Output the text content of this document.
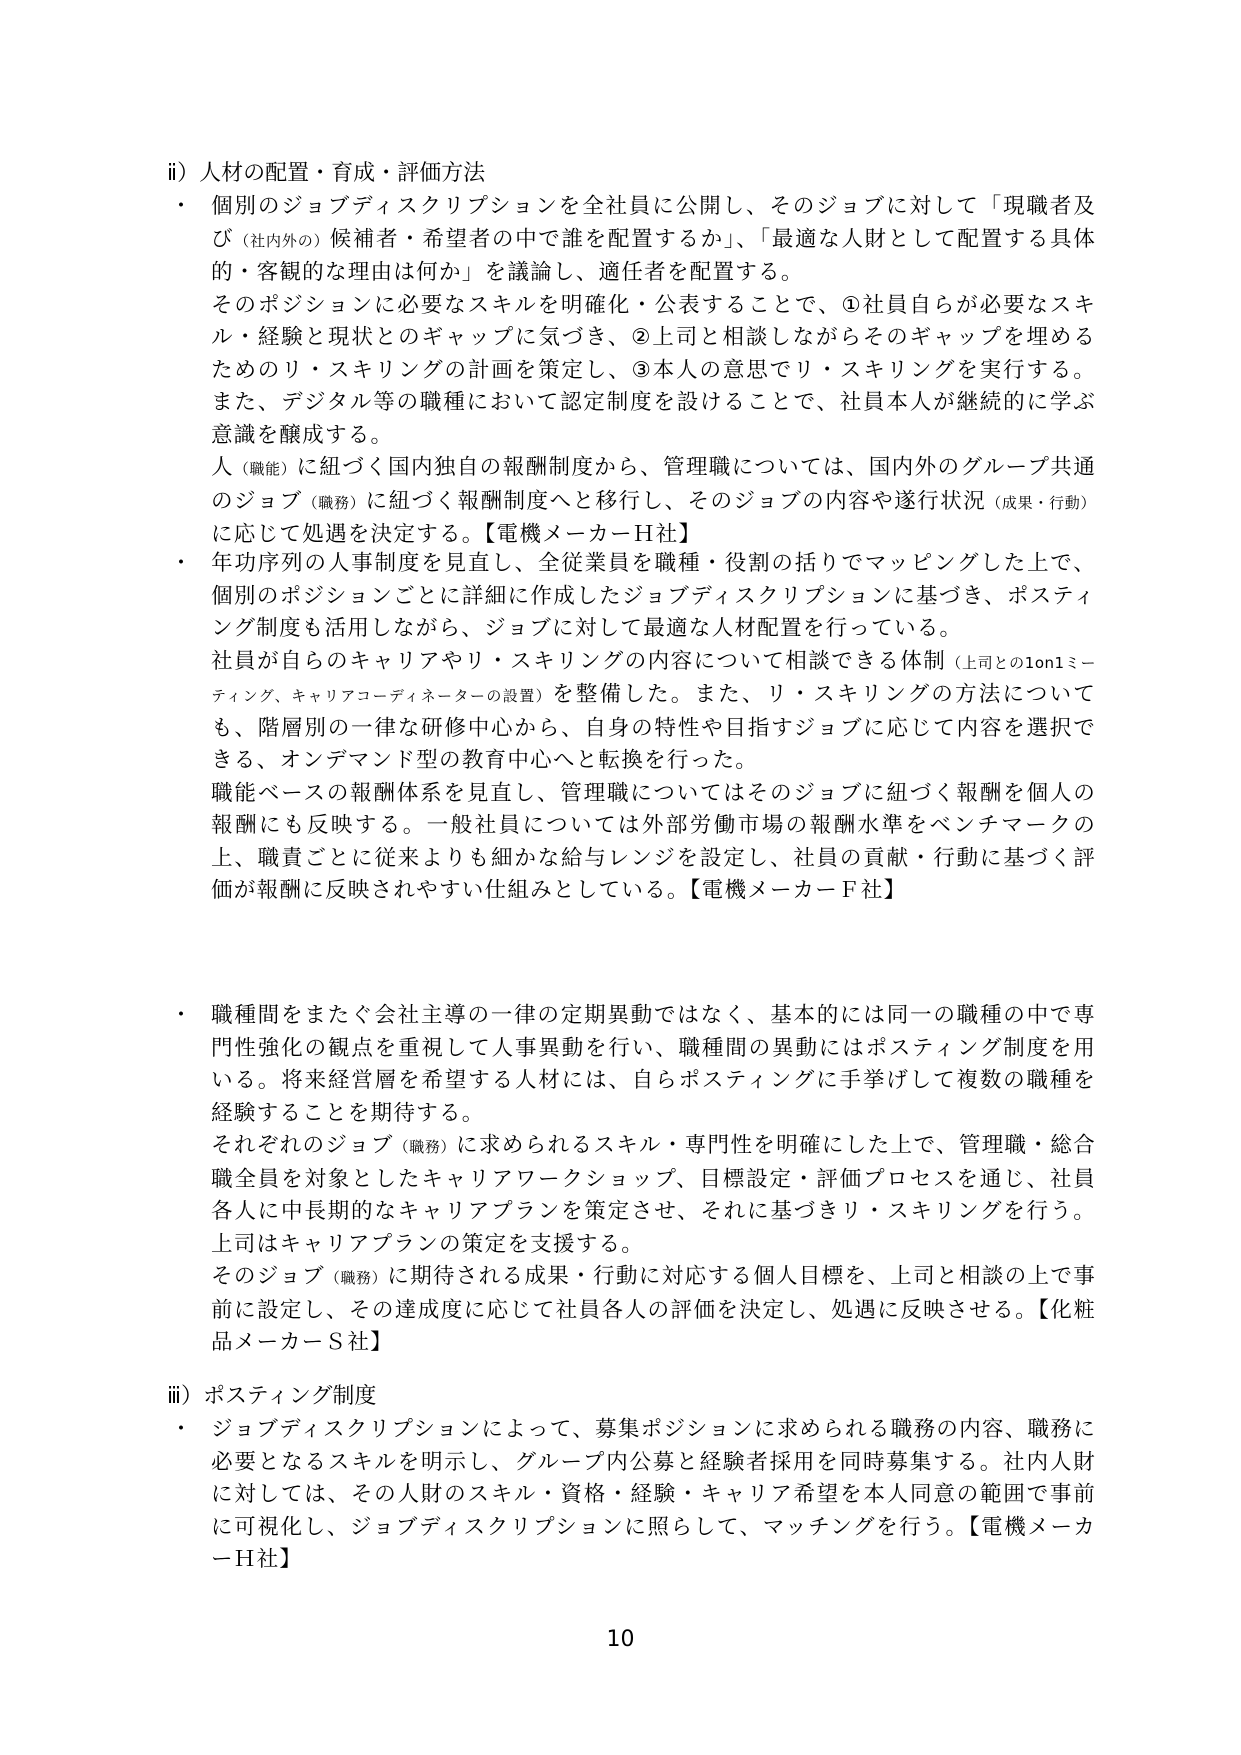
ⅱ）人材の配置・育成・評価方法
・ 個別のジョブディスクリプションを全社員に公開し、そのジョブに対して「現職者及び（社内外の）候補者・希望者の中で誰を配置するか」、「最適な人財として配置する具体的・客観的な理由は何か」を議論し、適任者を配置する。

そのポジションに必要なスキルを明確化・公表することで、①社員自らが必要なスキル・経験と現状とのギャップに気づき、②上司と相談しながらそのギャップを埋めるためのリ・スキリングの計画を策定し、③本人の意思でリ・スキリングを実行する。また、デジタル等の職種において認定制度を設けることで、社員本人が継続的に学ぶ意識を醸成する。

人（職能）に紐づく国内独自の報酬制度から、管理職については、国内外のグループ共通のジョブ（職務）に紐づく報酬制度へと移行し、そのジョブの内容や遂行状況（成果・行動）に応じて処遇を決定する。【電機メーカーＨ社】

・ 年功序列の人事制度を見直し、全従業員を職種・役割の括りでマッピングした上で、個別のポジションごとに詳細に作成したジョブディスクリプションに基づき、ポスティング制度も活用しながら、ジョブに対して最適な人材配置を行っている。

社員が自らのキャリアやリ・スキリングの内容について相談できる体制（上司との1on1ミーティング、キャリアコーディネーターの設置）を整備した。また、リ・スキリングの方法についても、階層別の一律な研修中心から、自身の特性や目指すジョブに応じて内容を選択できる、オンデマンド型の教育中心へと転換を行った。

職能ベースの報酬体系を見直し、管理職についてはそのジョブに紐づく報酬を個人の報酬にも反映する。一般社員については外部労働市場の報酬水準をベンチマークの上、職責ごとに従来よりも細かな給与レンジを設定し、社員の貢献・行動に基づく評価が報酬に反映されやすい仕組みとしている。【電機メーカーＦ社】

・ 職種間をまたぐ会社主導の一律の定期異動ではなく、基本的には同一の職種の中で専門性強化の観点を重視して人事異動を行い、職種間の異動にはポスティング制度を用いる。将来経営層を希望する人材には、自らポスティングに手挙げして複数の職種を経験することを期待する。

それぞれのジョブ（職務）に求められるスキル・専門性を明確にした上で、管理職・総合職全員を対象としたキャリアワークショップ、目標設定・評価プロセスを通じ、社員各人に中長期的なキャリアプランを策定させ、それに基づきリ・スキリングを行う。上司はキャリアプランの策定を支援する。

そのジョブ（職務）に期待される成果・行動に対応する個人目標を、上司と相談の上で事前に設定し、その達成度に応じて社員各人の評価を決定し、処遇に反映させる。【化粧品メーカーＳ社】

ⅲ）ポスティング制度
・ ジョブディスクリプションによって、募集ポジションに求められる職務の内容、職務に必要となるスキルを明示し、グループ内公募と経験者採用を同時募集する。社内人財に対しては、その人財のスキル・資格・経験・キャリア希望を本人同意の範囲で事前に可視化し、ジョブディスクリプションに照らして、マッチングを行う。【電機メーカーＨ社】

10
